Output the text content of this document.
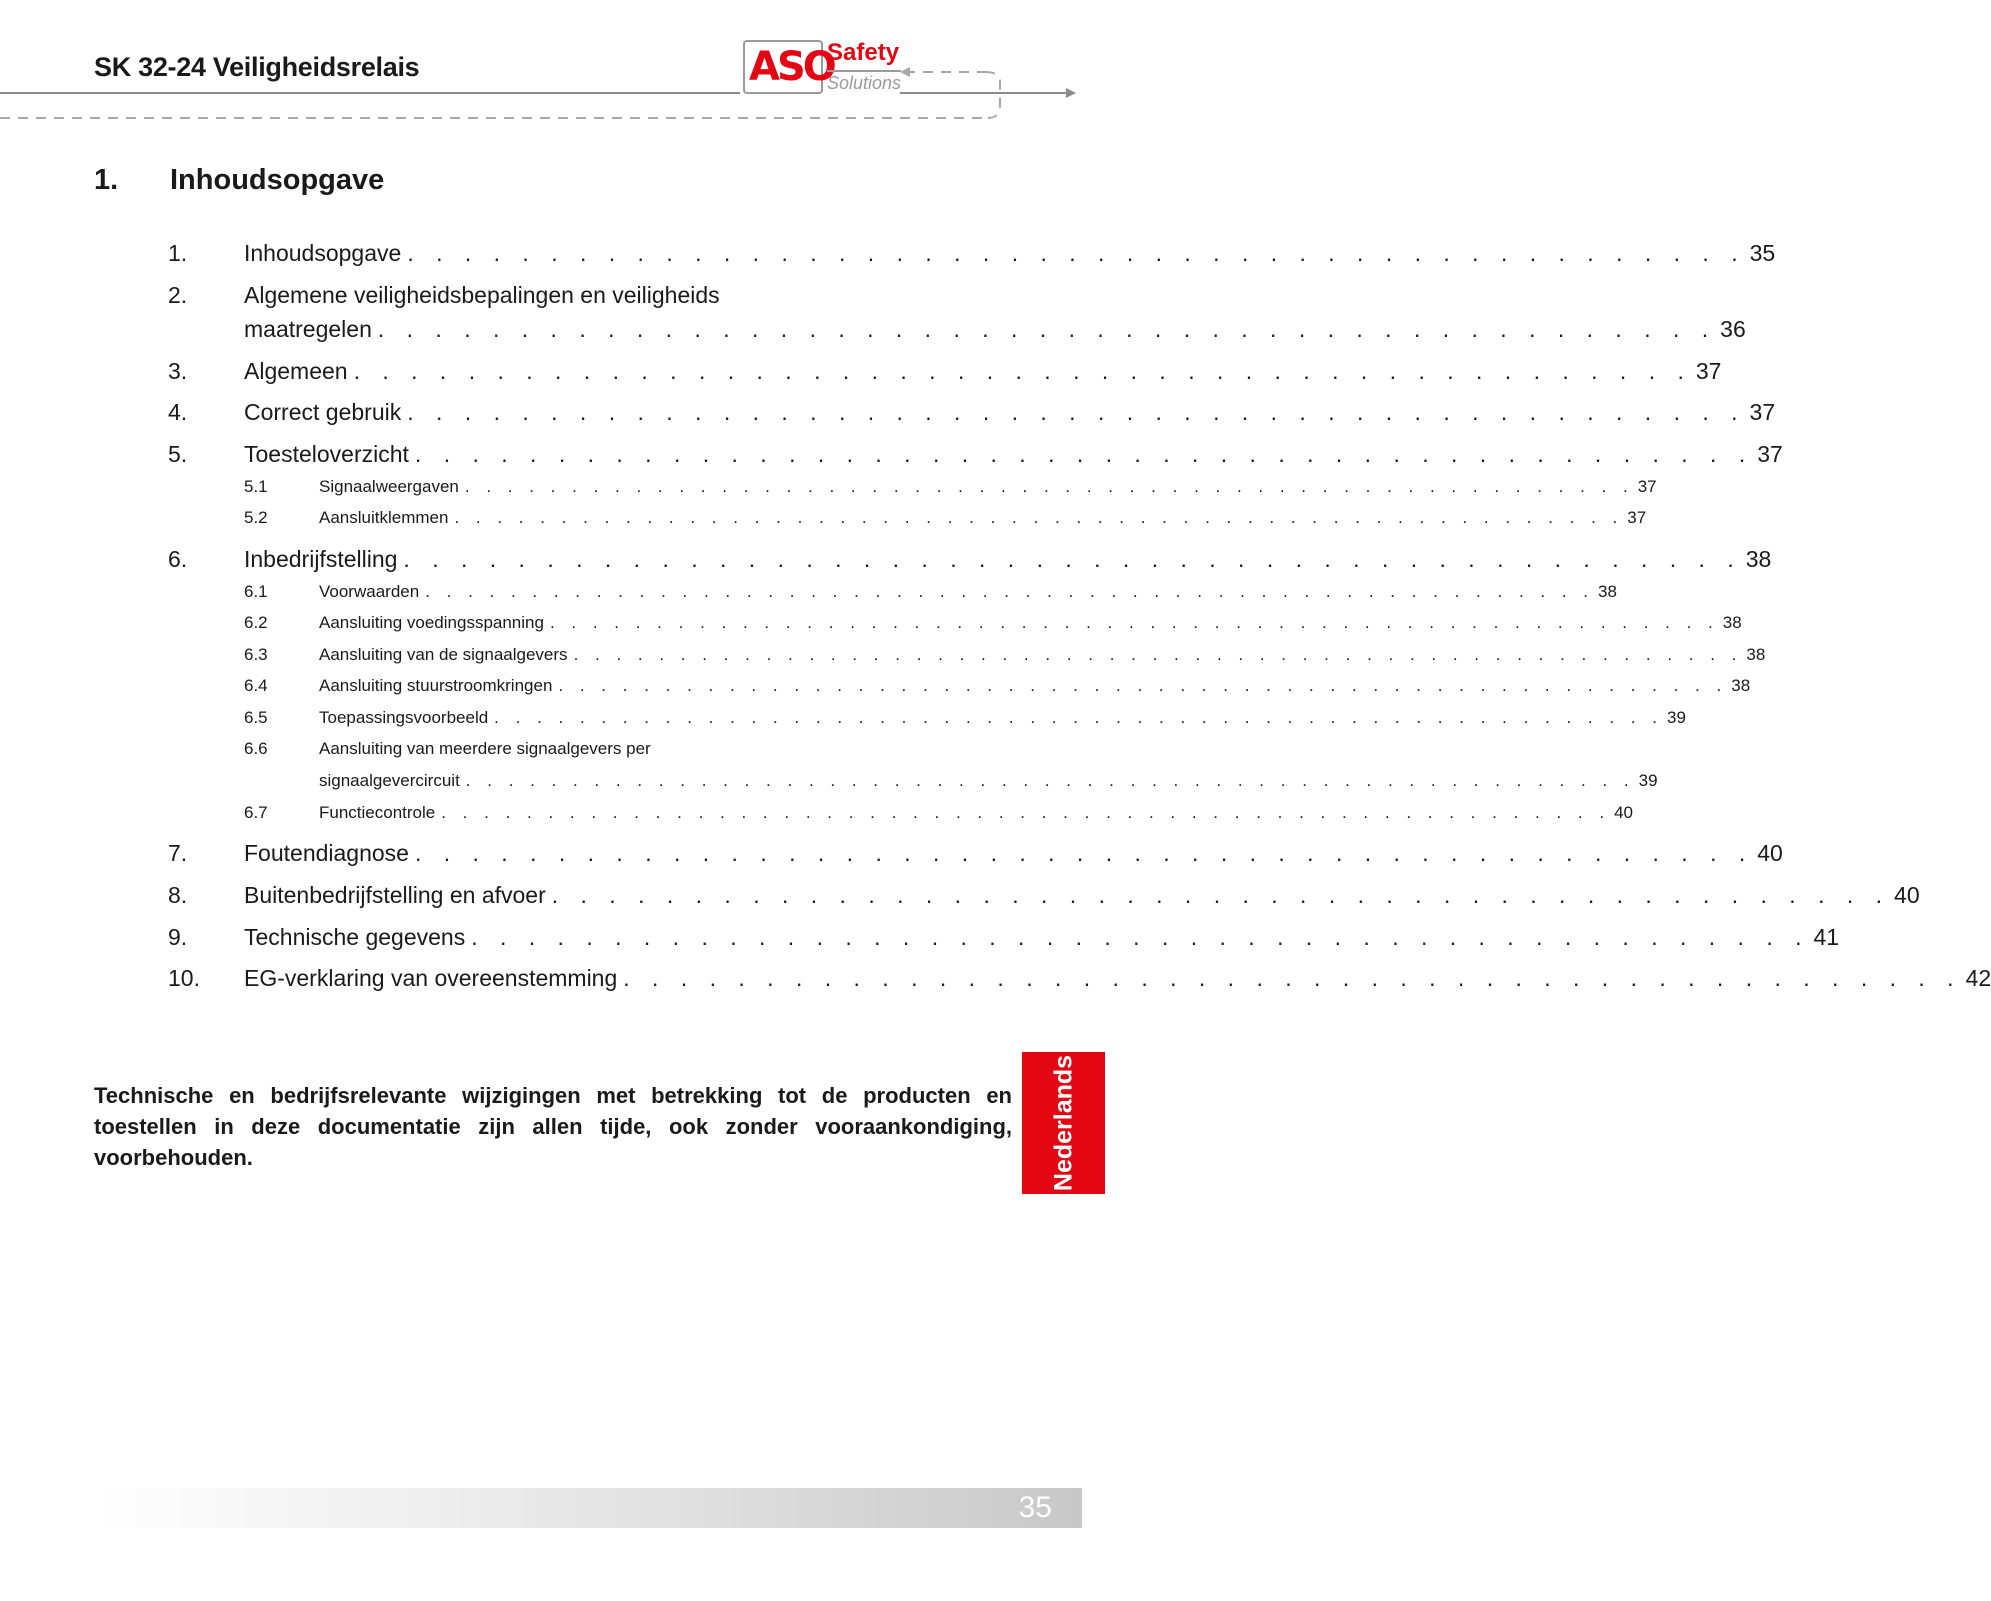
SK 32-24 Veiligheidsrelais	ASO
Safety
Solutions
1. Inhoudsopgave
1. Inhoudsopgave . . . . . . . . . . . . . . . . . . . . . . . . . . . . . . . . . . . . . . . . . . . . . . . 35
2. Algemene veiligheidsbepalingen en veiligheids
maatregelen . . . . . . . . . . . . . . . . . . . . . . . . . . . . . . . . . . . . . . . . . . . . . . . 36
3. Algemeen . . . . . . . . . . . . . . . . . . . . . . . . . . . . . . . . . . . . . . . . . . . . . . . 37
4. Correct gebruik . . . . . . . . . . . . . . . . . . . . . . . . . . . . . . . . . . . . . . . . . . . . . . . 37
5. Toesteloverzicht . . . . . . . . . . . . . . . . . . . . . . . . . . . . . . . . . . . . . . . . . . . . . . . 37
5.1	Signaalweergaven . . . . . . . . . . . . . . . . . . . . . . . . . . . . . . . . . . . . . . . . . . . . . . . . . . . . . . . 37
5.2	Aansluitklemmen . . . . . . . . . . . . . . . . . . . . . . . . . . . . . . . . . . . . . . . . . . . . . . . . . . . . . . . 37
6. Inbedrijfstelling . . . . . . . . . . . . . . . . . . . . . . . . . . . . . . . . . . . . . . . . . . . . . . . 38
6.1	Voorwaarden . . . . . . . . . . . . . . . . . . . . . . . . . . . . . . . . . . . . . . . . . . . . . . . . . . . . . . . 38
6.2	Aansluiting voedingsspanning . . . . . . . . . . . . . . . . . . . . . . . . . . . . . . . . . . . . . . . . . . . . . . . . . . . . . . . 38
6.3	Aansluiting van de signaalgevers . . . . . . . . . . . . . . . . . . . . . . . . . . . . . . . . . . . . . . . . . . . . . . . . . . . . . . . 38
6.4	Aansluiting stuurstroomkringen . . . . . . . . . . . . . . . . . . . . . . . . . . . . . . . . . . . . . . . . . . . . . . . . . . . . . . . 38
6.5	Toepassingsvoorbeeld . . . . . . . . . . . . . . . . . . . . . . . . . . . . . . . . . . . . . . . . . . . . . . . . . . . . . . . 39
6.6	Aansluiting van meerdere signaalgevers per
signaalgevercircuit . . . . . . . . . . . . . . . . . . . . . . . . . . . . . . . . . . . . . . . . . . . . . . . . . . . . . . . 39
6.7	Functiecontrole . . . . . . . . . . . . . . . . . . . . . . . . . . . . . . . . . . . . . . . . . . . . . . . . . . . . . . . 40
7. Foutendiagnose . . . . . . . . . . . . . . . . . . . . . . . . . . . . . . . . . . . . . . . . . . . . . . . 40
8. Buitenbedrijfstelling en afvoer . . . . . . . . . . . . . . . . . . . . . . . . . . . . . . . . . . . . . . . . . . . . . . . 40
9. Technische gegevens . . . . . . . . . . . . . . . . . . . . . . . . . . . . . . . . . . . . . . . . . . . . . . . 41
10. EG-verklaring van overeenstemming . . . . . . . . . . . . . . . . . . . . . . . . . . . . . . . . . . . . . . . . . . . . . . . 42
Technische en bedrijfsrelevante wijzigingen met betrekking tot de producten en toestellen in deze documentatie zijn allen tijde, ook zonder vooraankondiging, voorbehouden.	Nederlands
35
